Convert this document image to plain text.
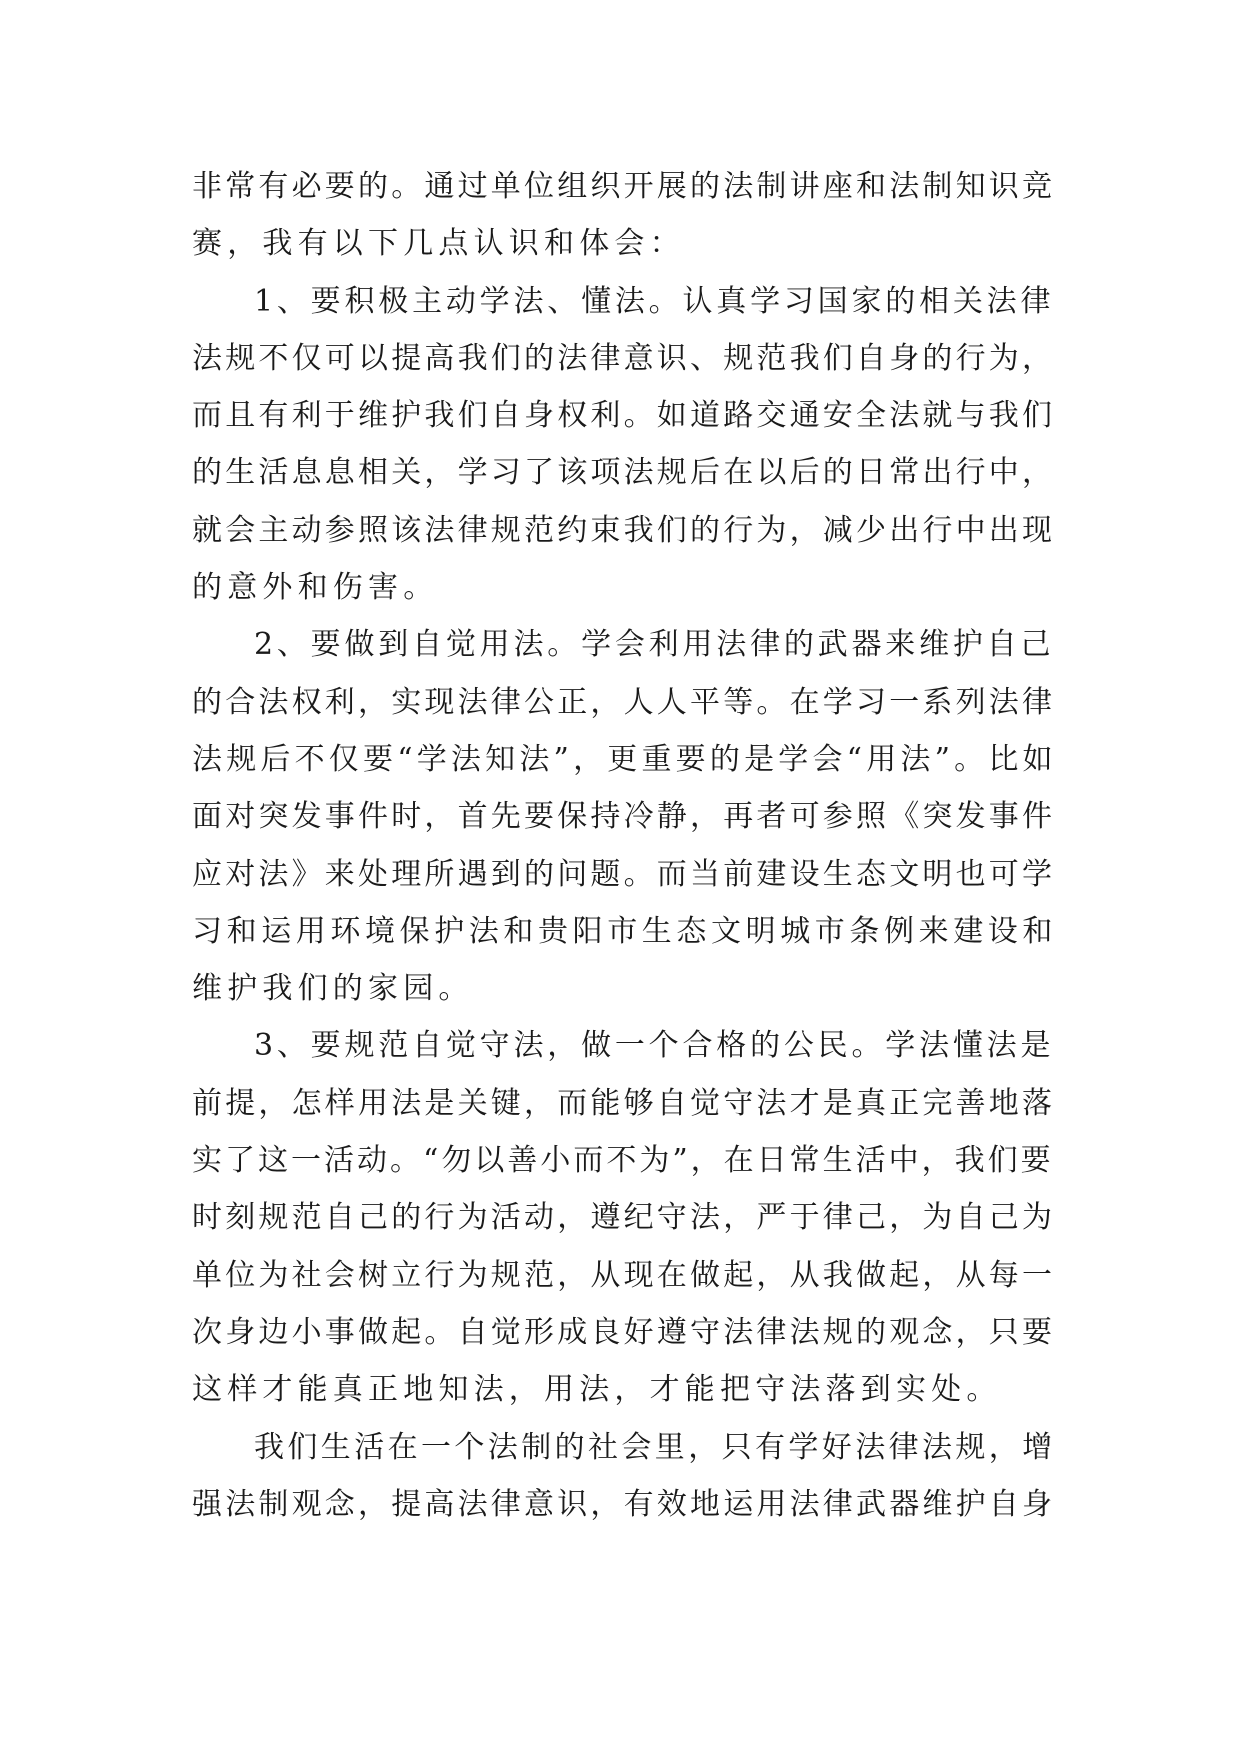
非常有必要的。通过单位组织开展的法制讲座和法制知识竞
赛，我有以下几点认识和体会：
1、要积极主动学法、懂法。认真学习国家的相关法律
法规不仅可以提高我们的法律意识、规范我们自身的行为，
而且有利于维护我们自身权利。如道路交通安全法就与我们
的生活息息相关，学习了该项法规后在以后的日常出行中，
就会主动参照该法律规范约束我们的行为，减少出行中出现
的意外和伤害。
2、要做到自觉用法。学会利用法律的武器来维护自己
的合法权利，实现法律公正，人人平等。在学习一系列法律
法规后不仅要“学法知法”，更重要的是学会“用法”。比如
面对突发事件时，首先要保持冷静，再者可参照《突发事件
应对法》来处理所遇到的问题。而当前建设生态文明也可学
习和运用环境保护法和贵阳市生态文明城市条例来建设和
维护我们的家园。
3、要规范自觉守法，做一个合格的公民。学法懂法是
前提，怎样用法是关键，而能够自觉守法才是真正完善地落
实了这一活动。“勿以善小而不为”，在日常生活中，我们要
时刻规范自己的行为活动，遵纪守法，严于律己，为自己为
单位为社会树立行为规范，从现在做起，从我做起，从每一
次身边小事做起。自觉形成良好遵守法律法规的观念，只要
这样才能真正地知法，用法，才能把守法落到实处。
我们生活在一个法制的社会里，只有学好法律法规，增
强法制观念，提高法律意识，有效地运用法律武器维护自身
